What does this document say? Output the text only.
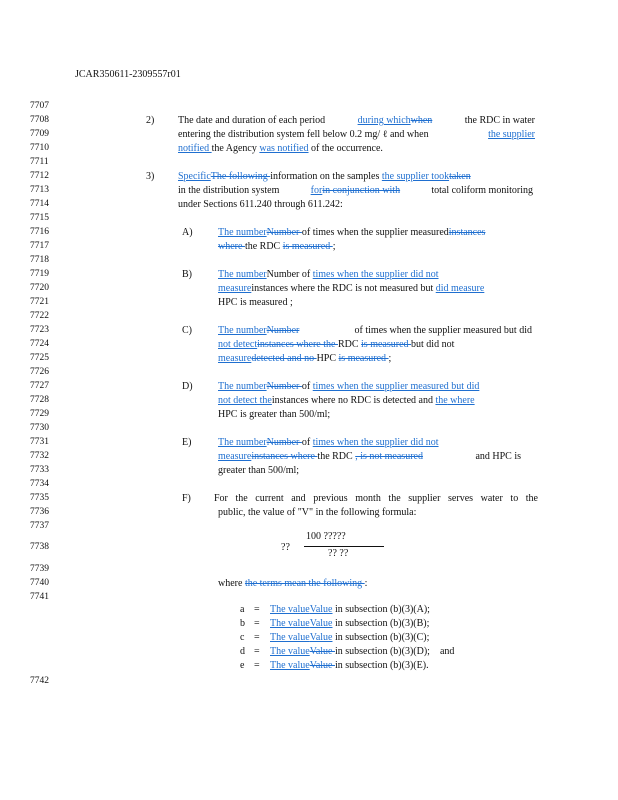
JCAR350611-2309557r01
7707
7708
7709
7710
7711
7712
7713
7714
7715
7716
7717
7718
7719
7720
7721
7722
7723
7724
7725
7726
7727
7728
7729
7730
7731
7732
7733
7734
7735
7736
7737
7738
7739
7740
7741
7742
2) The date and duration of each period	during whichwhen	the RDC in water
entering the distribution system fell below 0.2 mg/ ℓ and when	the supplier
notified the Agency was notified of the occurrence.
3) SpecificThe following information on the samples the supplier tooktaken
in the distribution system	forin conjunction with	total coliform monitoring
under Sections 611.240 through 611.242:
A)	The numberNumber of times when the supplier measuredinstances
where the RDC is measured ;
B)	The numberNumber of times when the supplier did not
measureinstances where the RDC is not measured but did measure
HPC is measured ;
C)	The numberNumber	of times when the supplier measured but did
not detectinstances where the RDC is measured but did not
measuredetected and no HPC is measured ;
D)	The numberNumber of times when the supplier measured but did
not detect theinstances where no RDC is detected and the where
HPC is greater than 500/ml;
E)	The numberNumber of times when the supplier did not
measureinstances where the RDC , is not measured	and HPC is
greater than 500/ml;
F) For the current and previous month the supplier serves water to the
public, the value of "V" in the following formula:
??
100 ?????
?? ??
where the terms mean the following :
a = The valueValue in subsection (b)(3)(A);
b = The valueValue in subsection (b)(3)(B);
c = The valueValue in subsection (b)(3)(C);
d = The valueValue in subsection (b)(3)(D); and
e = The valueValue in subsection (b)(3)(E).
